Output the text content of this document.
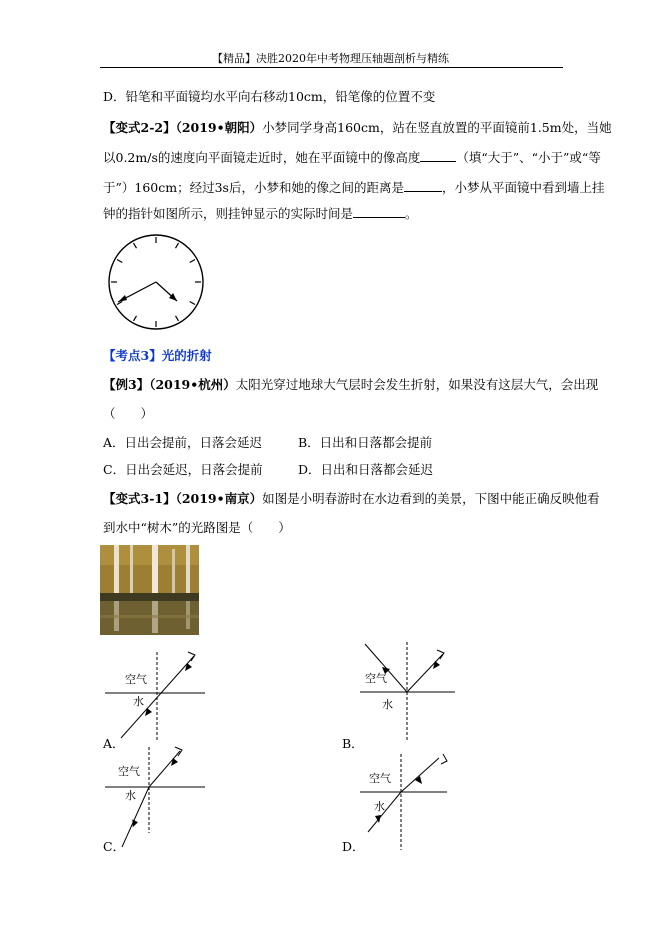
【精品】决胜2020年中考物理压轴题剖析与精练
D．铅笔和平面镜均水平向右移动10cm，铅笔像的位置不变
【变式2-2】（2019•朝阳）小梦同学身高160cm，站在竖直放置的平面镜前1.5m处，当她
以0.2m/s的速度向平面镜走近时，她在平面镜中的像高度	（填“大于”、“小于”或“等
于”）160cm；经过3s后，小梦和她的像之间的距离是	，小梦从平面镜中看到墙上挂
钟的指针如图所示，则挂钟显示的实际时间是	。
【考点3】光的折射
【例3】（2019•杭州）太阳光穿过地球大气层时会发生折射，如果没有这层大气，会出现
（　　）
A．日出会提前，日落会延迟	B．日出和日落都会提前
C．日出会延迟，日落会提前	D．日出和日落都会延迟
【变式3-1】（2019•南京）如图是小明春游时在水边看到的美景，下图中能正确反映他看
到水中“树木”的光路图是（　　）
空气
水
A．
空气
水
B．
空气
水
C．
空气
水
D．
